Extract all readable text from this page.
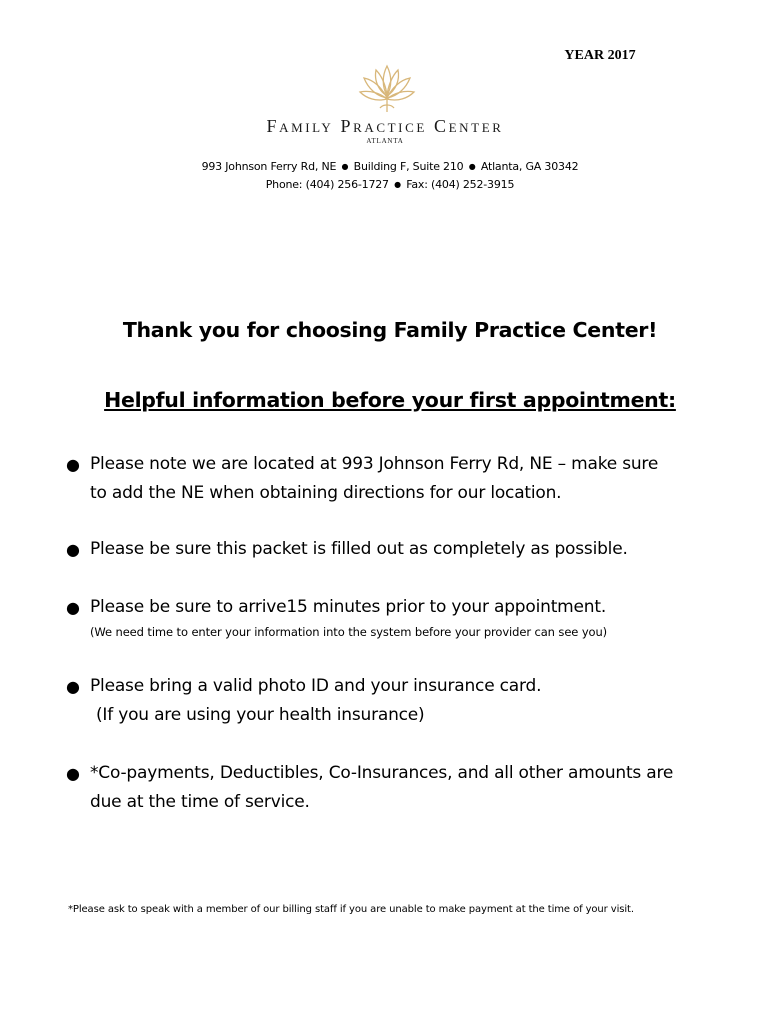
YEAR 2017
Family Practice Center
ATLANTA
993 Johnson Ferry Rd, NE ● Building F, Suite 210 ● Atlanta, GA 30342
Phone: (404) 256-1727 ● Fax: (404) 252-3915
Thank you for choosing Family Practice Center!
Helpful information before your first appointment:
● Please note we are located at 993 Johnson Ferry Rd, NE – make sure
to add the NE when obtaining directions for our location.
● Please be sure this packet is filled out as completely as possible.
● Please be sure to arrive15 minutes prior to your appointment.
(We need time to enter your information into the system before your provider can see you)
● Please bring a valid photo ID and your insurance card.
(If you are using your health insurance)
● *Co-payments, Deductibles, Co-Insurances, and all other amounts are
due at the time of service.
*Please ask to speak with a member of our billing staff if you are unable to make payment at the time of your visit.
